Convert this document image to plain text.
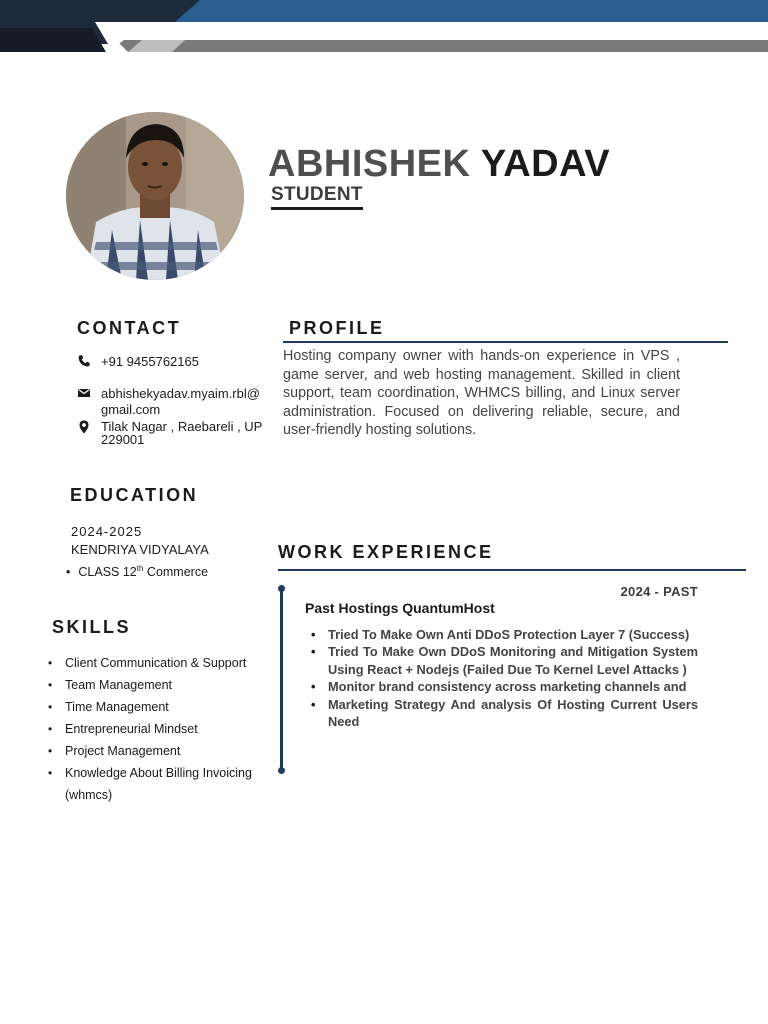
ABHISHEK YADAV
STUDENT
CONTACT
+91 9455762165
abhishekyadav.myaim.rbl@
gmail.com
Tilak Nagar , Raebareli , UP
229001
PROFILE
Hosting company owner with hands-on experience in VPS , game server, and web hosting management. Skilled in client support, team coordination, WHMCS billing, and Linux server administration. Focused on delivering reliable, secure, and user-friendly hosting solutions.
EDUCATION
2024-2025
KENDRIYA VIDYALAYA
• CLASS 12th Commerce
SKILLS
• Client Communication & Support
• Team Management
• Time Management
• Entrepreneurial Mindset
• Project Management
• Knowledge About Billing Invoicing
(whmcs)
WORK EXPERIENCE
2024 - PAST
Past Hostings QuantumHost
• Tried To Make Own Anti DDoS Protection Layer 7 (Success)
• Tried To Make Own DDoS Monitoring and Mitigation System Using React + Nodejs (Failed Due To Kernel Level Attacks )
• Monitor brand consistency across marketing channels and
• Marketing Strategy And analysis Of Hosting Current Users Need
